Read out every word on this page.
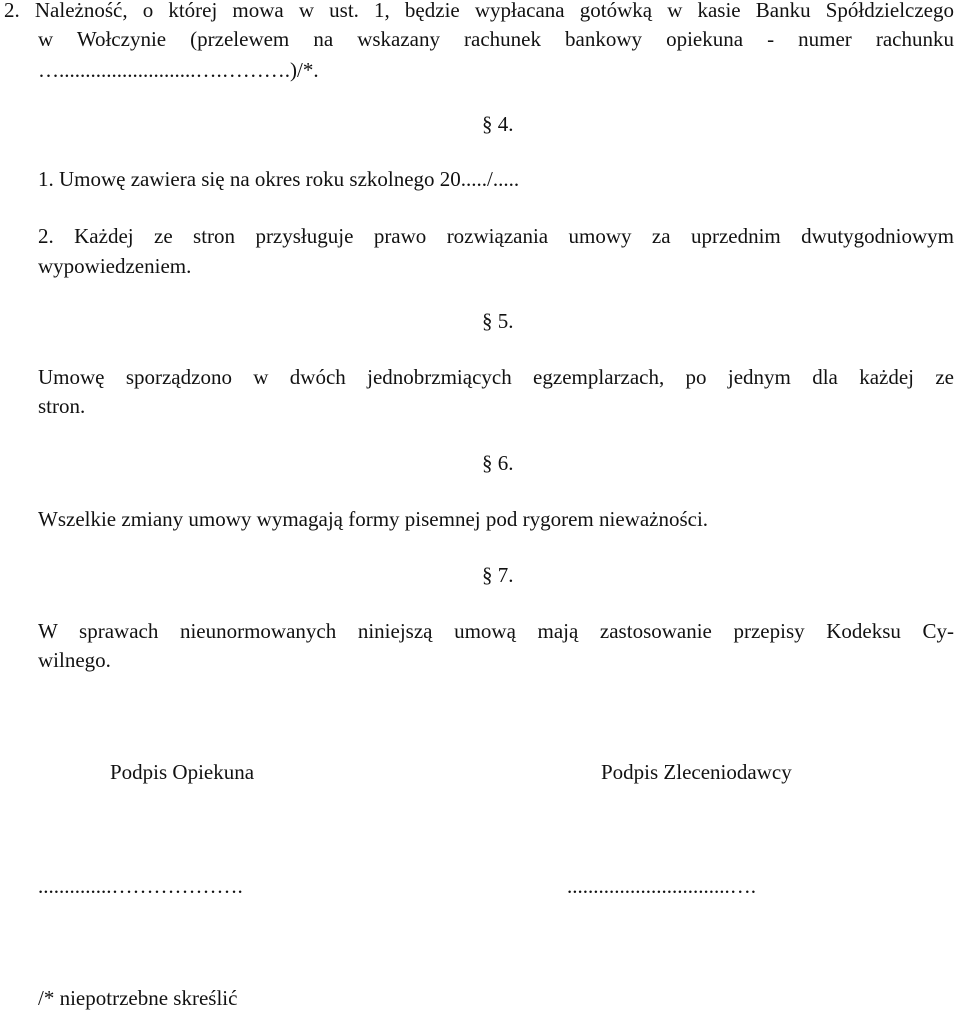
2. Należność, o której mowa w ust. 1, będzie wypłacana gotówką w kasie Banku Spółdzielczego
w Wołczynie (przelewem na wskazany rachunek bankowy opiekuna - numer rachunku
…..........................….……….)/*.
§ 4.
1. Umowę zawiera się na okres roku szkolnego 20...../.....
2. Każdej ze stron przysługuje prawo rozwiązania umowy za uprzednim dwutygodniowym
wypowiedzeniem.
§ 5.
Umowę sporządzono w dwóch jednobrzmiących egzemplarzach, po jednym dla każdej ze
stron.
§ 6.
Wszelkie zmiany umowy wymagają formy pisemnej pod rygorem nieważności.
§ 7.
W sprawach nieunormowanych niniejszą umową mają zastosowanie przepisy Kodeksu Cy-
wilnego.
Podpis Opiekuna	Podpis Zleceniodawcy
..............……………….	...............................….
/* niepotrzebne skreślić
